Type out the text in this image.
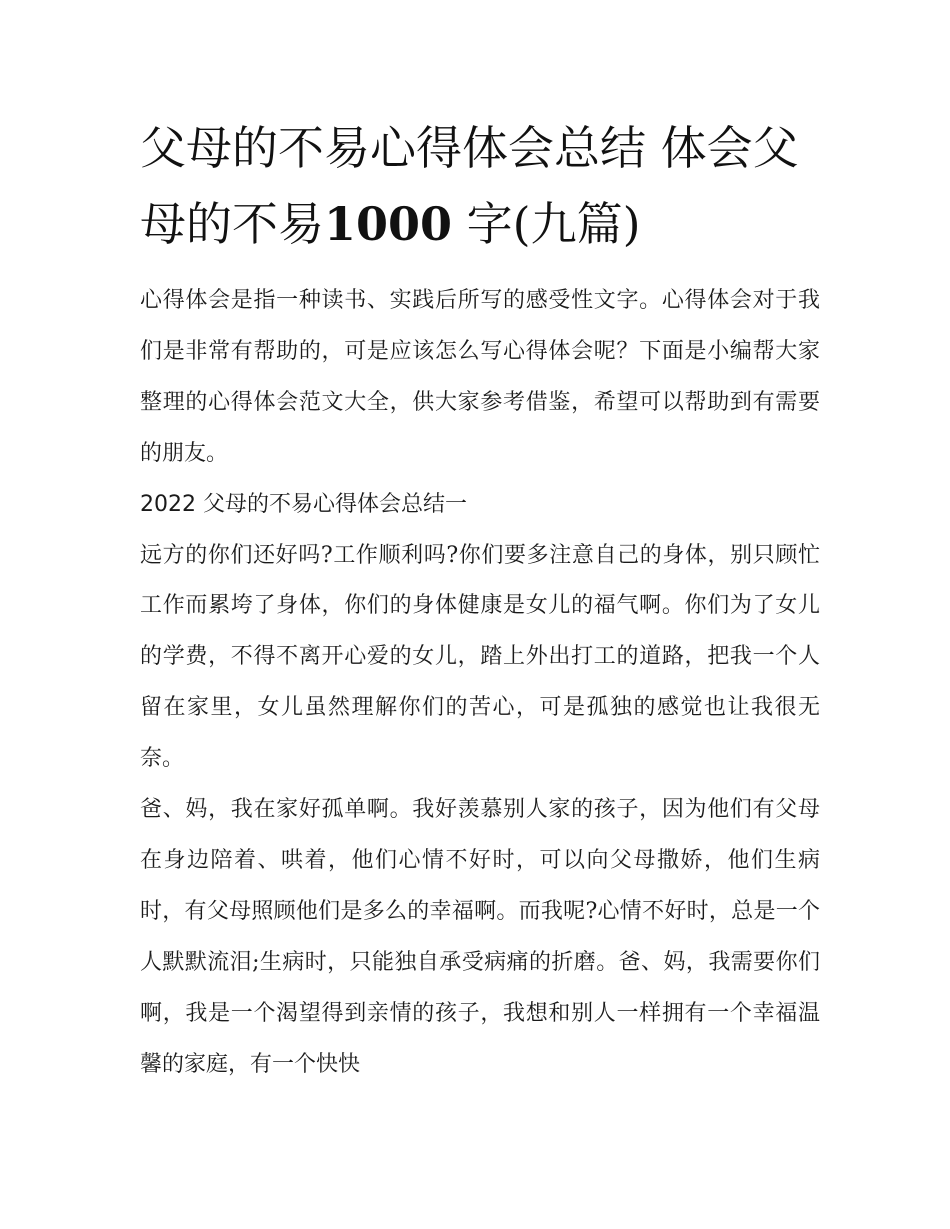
父母的不易心得体会总结 体会父母的不易1000 字(九篇)

心得体会是指一种读书、实践后所写的感受性文字。心得体会对于我们是非常有帮助的，可是应该怎么写心得体会呢？下面是小编帮大家整理的心得体会范文大全，供大家参考借鉴，希望可以帮助到有需要的朋友。

2022 父母的不易心得体会总结一

远方的你们还好吗?工作顺利吗?你们要多注意自己的身体，别只顾忙工作而累垮了身体，你们的身体健康是女儿的福气啊。你们为了女儿的学费，不得不离开心爱的女儿，踏上外出打工的道路，把我一个人留在家里，女儿虽然理解你们的苦心，可是孤独的感觉也让我很无奈。

爸、妈，我在家好孤单啊。我好羡慕别人家的孩子，因为他们有父母在身边陪着、哄着，他们心情不好时，可以向父母撒娇，他们生病时，有父母照顾他们是多么的幸福啊。而我呢?心情不好时，总是一个人默默流泪;生病时，只能独自承受病痛的折磨。爸、妈，我需要你们啊，我是一个渴望得到亲情的孩子，我想和别人一样拥有一个幸福温馨的家庭，有一个快快
